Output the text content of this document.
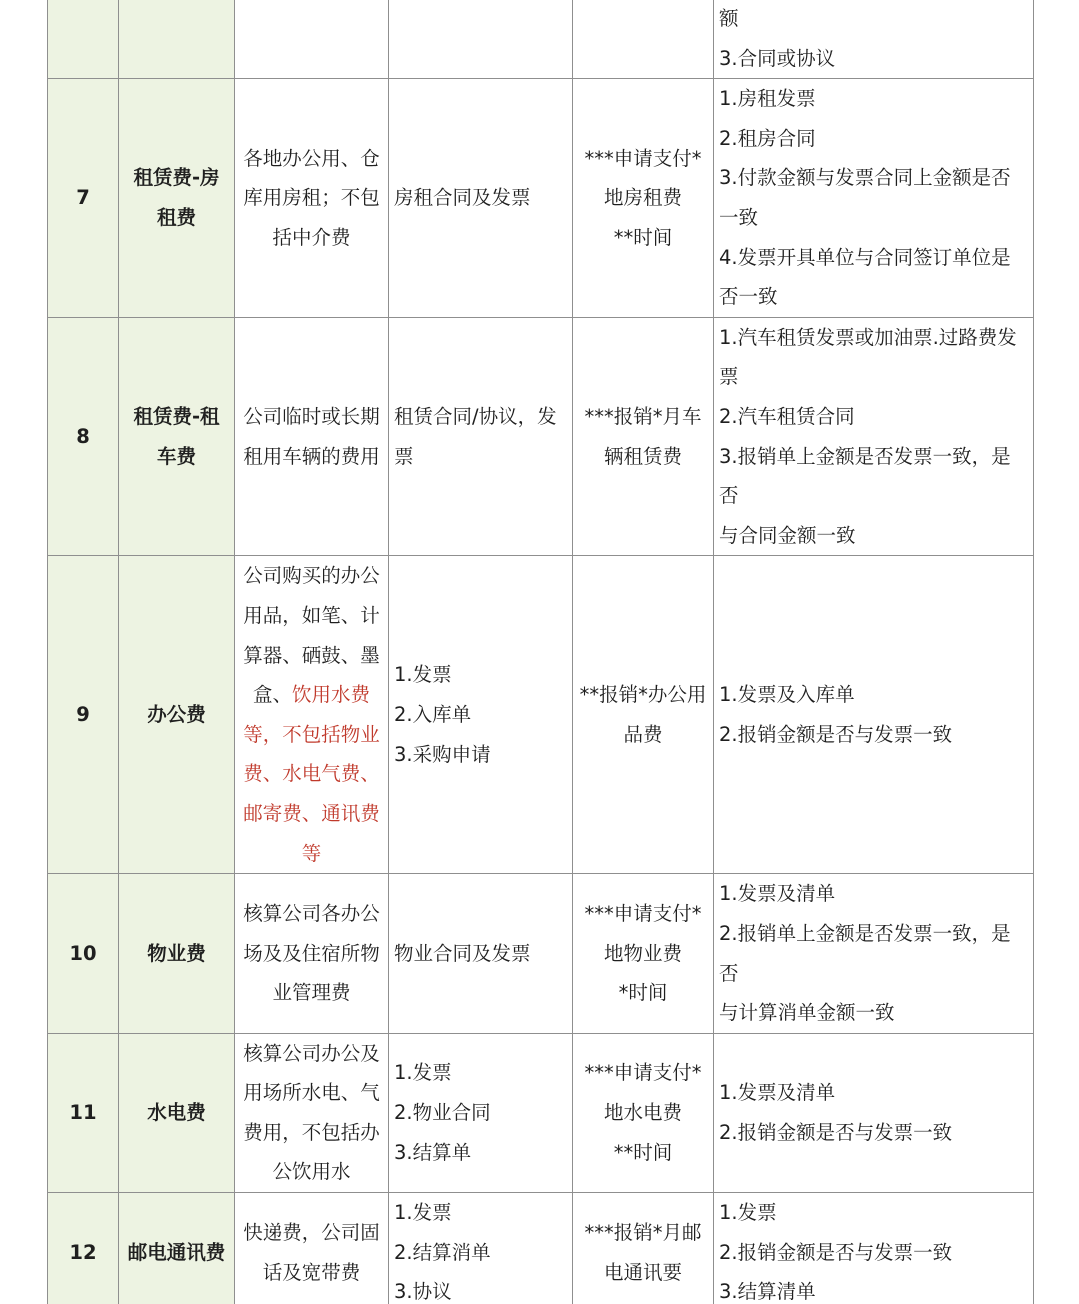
					额
3.合同或协议

7	租赁费-房租费	各地办公用、仓库用房租；不包括中介费	房租合同及发票	***申请支付*地房租费
**时间	1.房租发票
2.租房合同
3.付款金额与发票合同上金额是否一致
4.发票开具单位与合同签订单位是否一致

8	租赁费-租车费	公司临时或长期租用车辆的费用	租赁合同/协议，发票	***报销*月车辆租赁费	1.汽车租赁发票或加油票.过路费发票
2.汽车租赁合同
3.报销单上金额是否发票一致，是否
与合同金额一致

9	办公费	公司购买的办公用品，如笔、计算器、硒鼓、墨盒、饮用水费等，不包括物业费、水电气费、邮寄费、通讯费等	1.发票
2.入库单
3.采购申请	**报销*办公用品费	1.发票及入库单
2.报销金额是否与发票一致

10	物业费	核算公司各办公场及及住宿所物业管理费	物业合同及发票	***申请支付*地物业费
*时间	1.发票及清单
2.报销单上金额是否发票一致，是否
与计算消单金额一致

11	水电费	核算公司办公及用场所水电、气费用，不包括办公饮用水	1.发票
2.物业合同
3.结算单	***申请支付*地水电费
**时间	1.发票及清单
2.报销金额是否与发票一致

12	邮电通讯费	快递费，公司固话及宽带费	1.发票
2.结算消单
3.协议	***报销*月邮电通讯要	1.发票
2.报销金额是否与发票一致
3.结算清单
